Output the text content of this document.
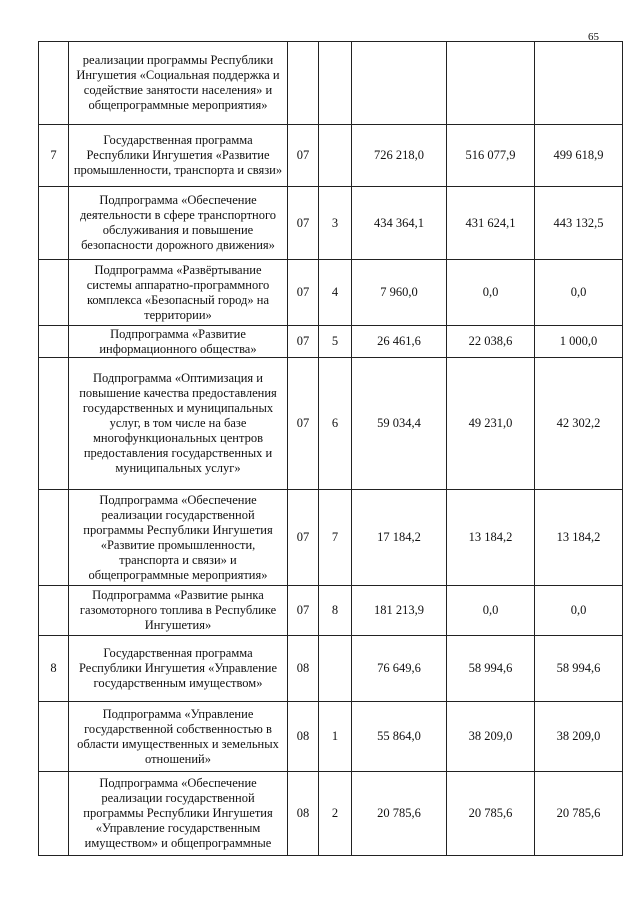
65
	реализации программы Республики Ингушетия «Социальная поддержка и содействие занятости населения» и общепрограммные мероприятия»					
7	Государственная программа Республики Ингушетия «Развитие промышленности, транспорта и связи»	07		726 218,0	516 077,9	499 618,9
	Подпрограмма «Обеспечение деятельности в сфере транспортного обслуживания и повышение безопасности дорожного движения»	07	3	434 364,1	431 624,1	443 132,5
	Подпрограмма «Развёртывание системы аппаратно-программного комплекса «Безопасный город» на территории»	07	4	7 960,0	0,0	0,0
	Подпрограмма «Развитие информационного общества»	07	5	26 461,6	22 038,6	1 000,0
	Подпрограмма «Оптимизация и повышение качества предоставления государственных и муниципальных услуг, в том числе на базе многофункциональных центров предоставления государственных и муниципальных услуг»	07	6	59 034,4	49 231,0	42 302,2
	Подпрограмма «Обеспечение реализации государственной программы Республики Ингушетия «Развитие промышленности, транспорта и связи» и общепрограммные мероприятия»	07	7	17 184,2	13 184,2	13 184,2
	Подпрограмма «Развитие рынка газомоторного топлива в Республике Ингушетия»	07	8	181 213,9	0,0	0,0
8	Государственная программа Республики Ингушетия «Управление государственным имуществом»	08		76 649,6	58 994,6	58 994,6
	Подпрограмма «Управление государственной собственностью в области имущественных и земельных отношений»	08	1	55 864,0	38 209,0	38 209,0
	Подпрограмма «Обеспечение реализации государственной программы Республики Ингушетия «Управление государственным имуществом» и общепрограммные	08	2	20 785,6	20 785,6	20 785,6
